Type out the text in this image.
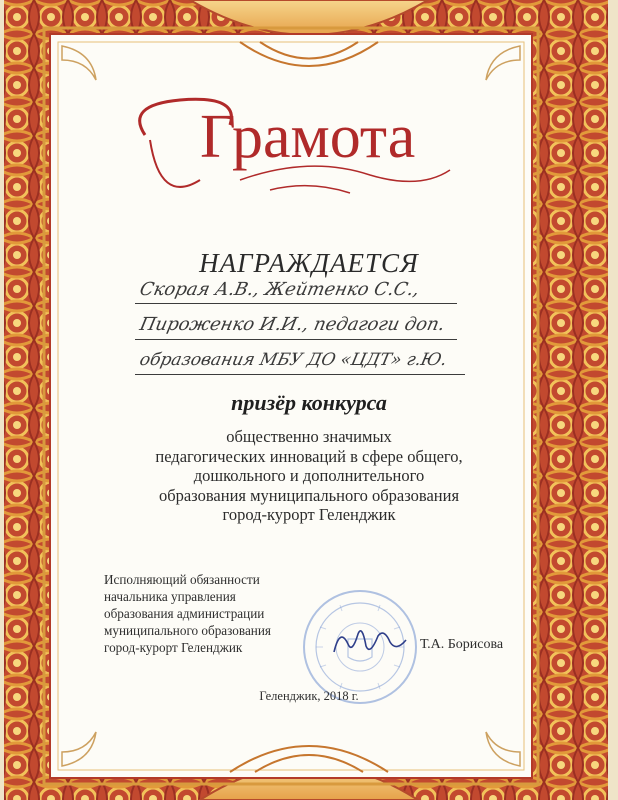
Грамота
НАГРАЖДАЕТСЯ
Скорая А.В., Жейтенко С.С.,
Пироженко И.И., педагоги доп.
образования МБУ ДО «ЦДТ» г.Ю.
призёр конкурса
общественно значимых
педагогических инноваций в сфере общего,
дошкольного и дополнительного
образования муниципального образования
город-курорт Геленджик
Исполняющий обязанности
начальника управления
образования администрации
муниципального образования
город-курорт Геленджик	Т.А. Борисова
Геленджик, 2018 г.
